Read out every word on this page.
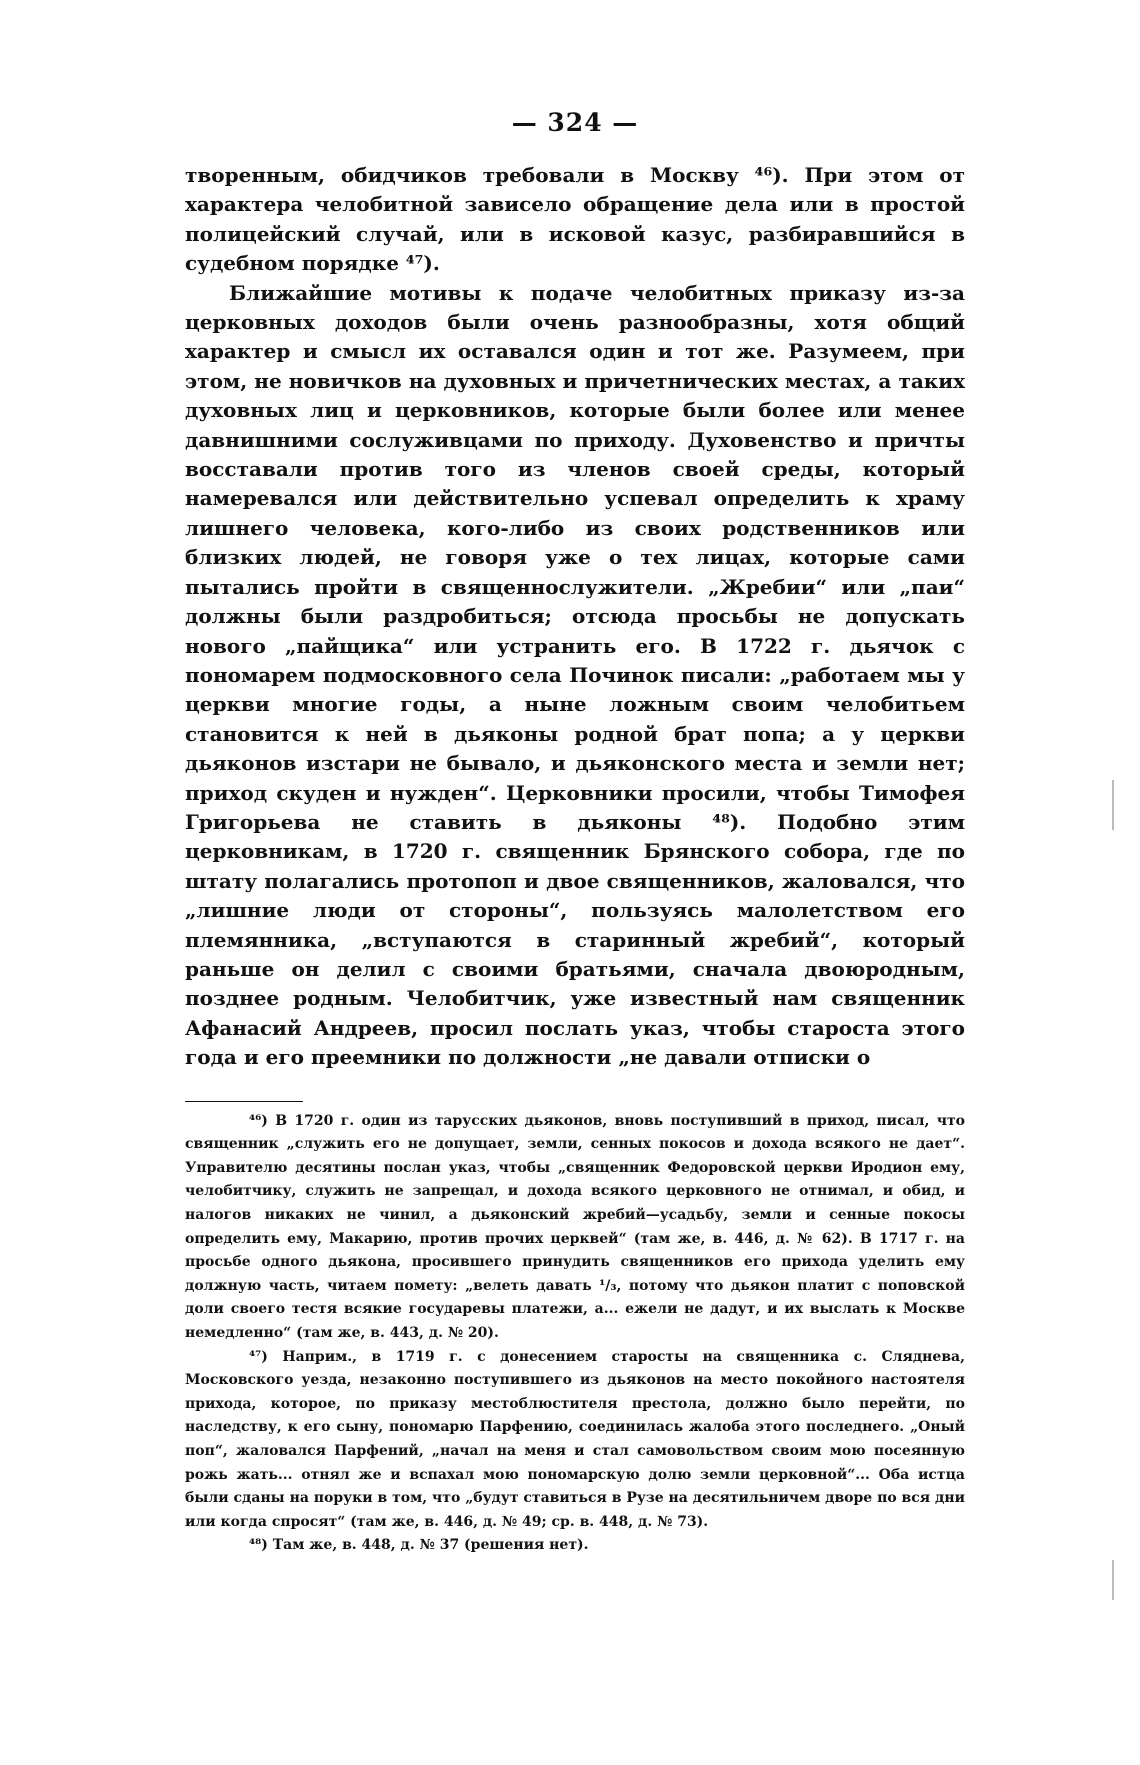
— 324 —

творенным, обидчиков требовали в Москву ⁴⁶). При этом от характера челобитной зависело обращение дела или в простой полицейский случай, или в исковой казус, разбиравшийся в судебном порядке ⁴⁷).

Ближайшие мотивы к подаче челобитных приказу из-за церковных доходов были очень разнообразны, хотя общий характер и смысл их оставался один и тот же. Разумеем, при этом, не новичков на духовных и причетнических местах, а таких духовных лиц и церковников, которые были более или менее давнишними сослуживцами по приходу. Духовенство и причты восставали против того из членов своей среды, который намеревался или действительно успевал определить к храму лишнего человека, кого-либо из своих родственников или близких людей, не говоря уже о тех лицах, которые сами пытались пройти в священнослужители. „Жребии“ или „паи“ должны были раздробиться; отсюда просьбы не допускать нового „пайщика“ или устранить его. В 1722 г. дьячок с пономарем подмосковного села Починок писали: „работаем мы у церкви многие годы, а ныне ложным своим челобитьем становится к ней в дьяконы родной брат попа; а у церкви дьяконов изстари не бывало, и дьяконского места и земли нет; приход скуден и нужден“. Церковники просили, чтобы Тимофея Григорьева не ставить в дьяконы ⁴⁸). Подобно этим церковникам, в 1720 г. священник Брянского собора, где по штату полагались протопоп и двое священников, жаловался, что „лишние люди от стороны“, пользуясь малолетством его племянника, „вступаются в старинный жребий“, который раньше он делил с своими братьями, сначала двоюродным, позднее родным. Челобитчик, уже известный нам священник Афанасий Андреев, просил послать указ, чтобы староста этого года и его преемники по должности „не давали отписки о

⁴⁶) В 1720 г. один из тарусских дьяконов, вновь поступивший в приход, писал, что священник „служить его не допущает, земли, сенных покосов и дохода всякого не дает“. Управителю десятины послан указ, чтобы „священник Федоровской церкви Иродион ему, челобитчику, служить не запрещал, и дохода всякого церковного не отнимал, и обид, и налогов никаких не чинил, а дьяконский жребий—усадьбу, земли и сенные покосы определить ему, Макарию, против прочих церквей“ (там же, в. 446, д. № 62). В 1717 г. на просьбе одного дьякона, просившего принудить священников его прихода уделить ему должную часть, читаем помету: „велеть давать ¹/₃, потому что дьякон платит с поповской доли своего тестя всякие государевы платежи, а... ежели не дадут, и их выслать к Москве немедленно“ (там же, в. 443, д. № 20).

⁴⁷) Наприм., в 1719 г. с донесением старосты на священника с. Сляднева, Московского уезда, незаконно поступившего из дьяконов на место покойного настоятеля прихода, которое, по приказу местоблюстителя престола, должно было перейти, по наследству, к его сыну, пономарю Парфению, соединилась жалоба этого последнего. „Оный поп“, жаловался Парфений, „начал на меня и стал самовольством своим мою посеянную рожь жать... отнял же и вспахал мою пономарскую долю земли церковной“... Оба истца были сданы на поруки в том, что „будут ставиться в Рузе на десятильничем дворе по вся дни или когда спросят“ (там же, в. 446, д. № 49; ср. в. 448, д. № 73).

⁴⁸) Там же, в. 448, д. № 37 (решения нет).
